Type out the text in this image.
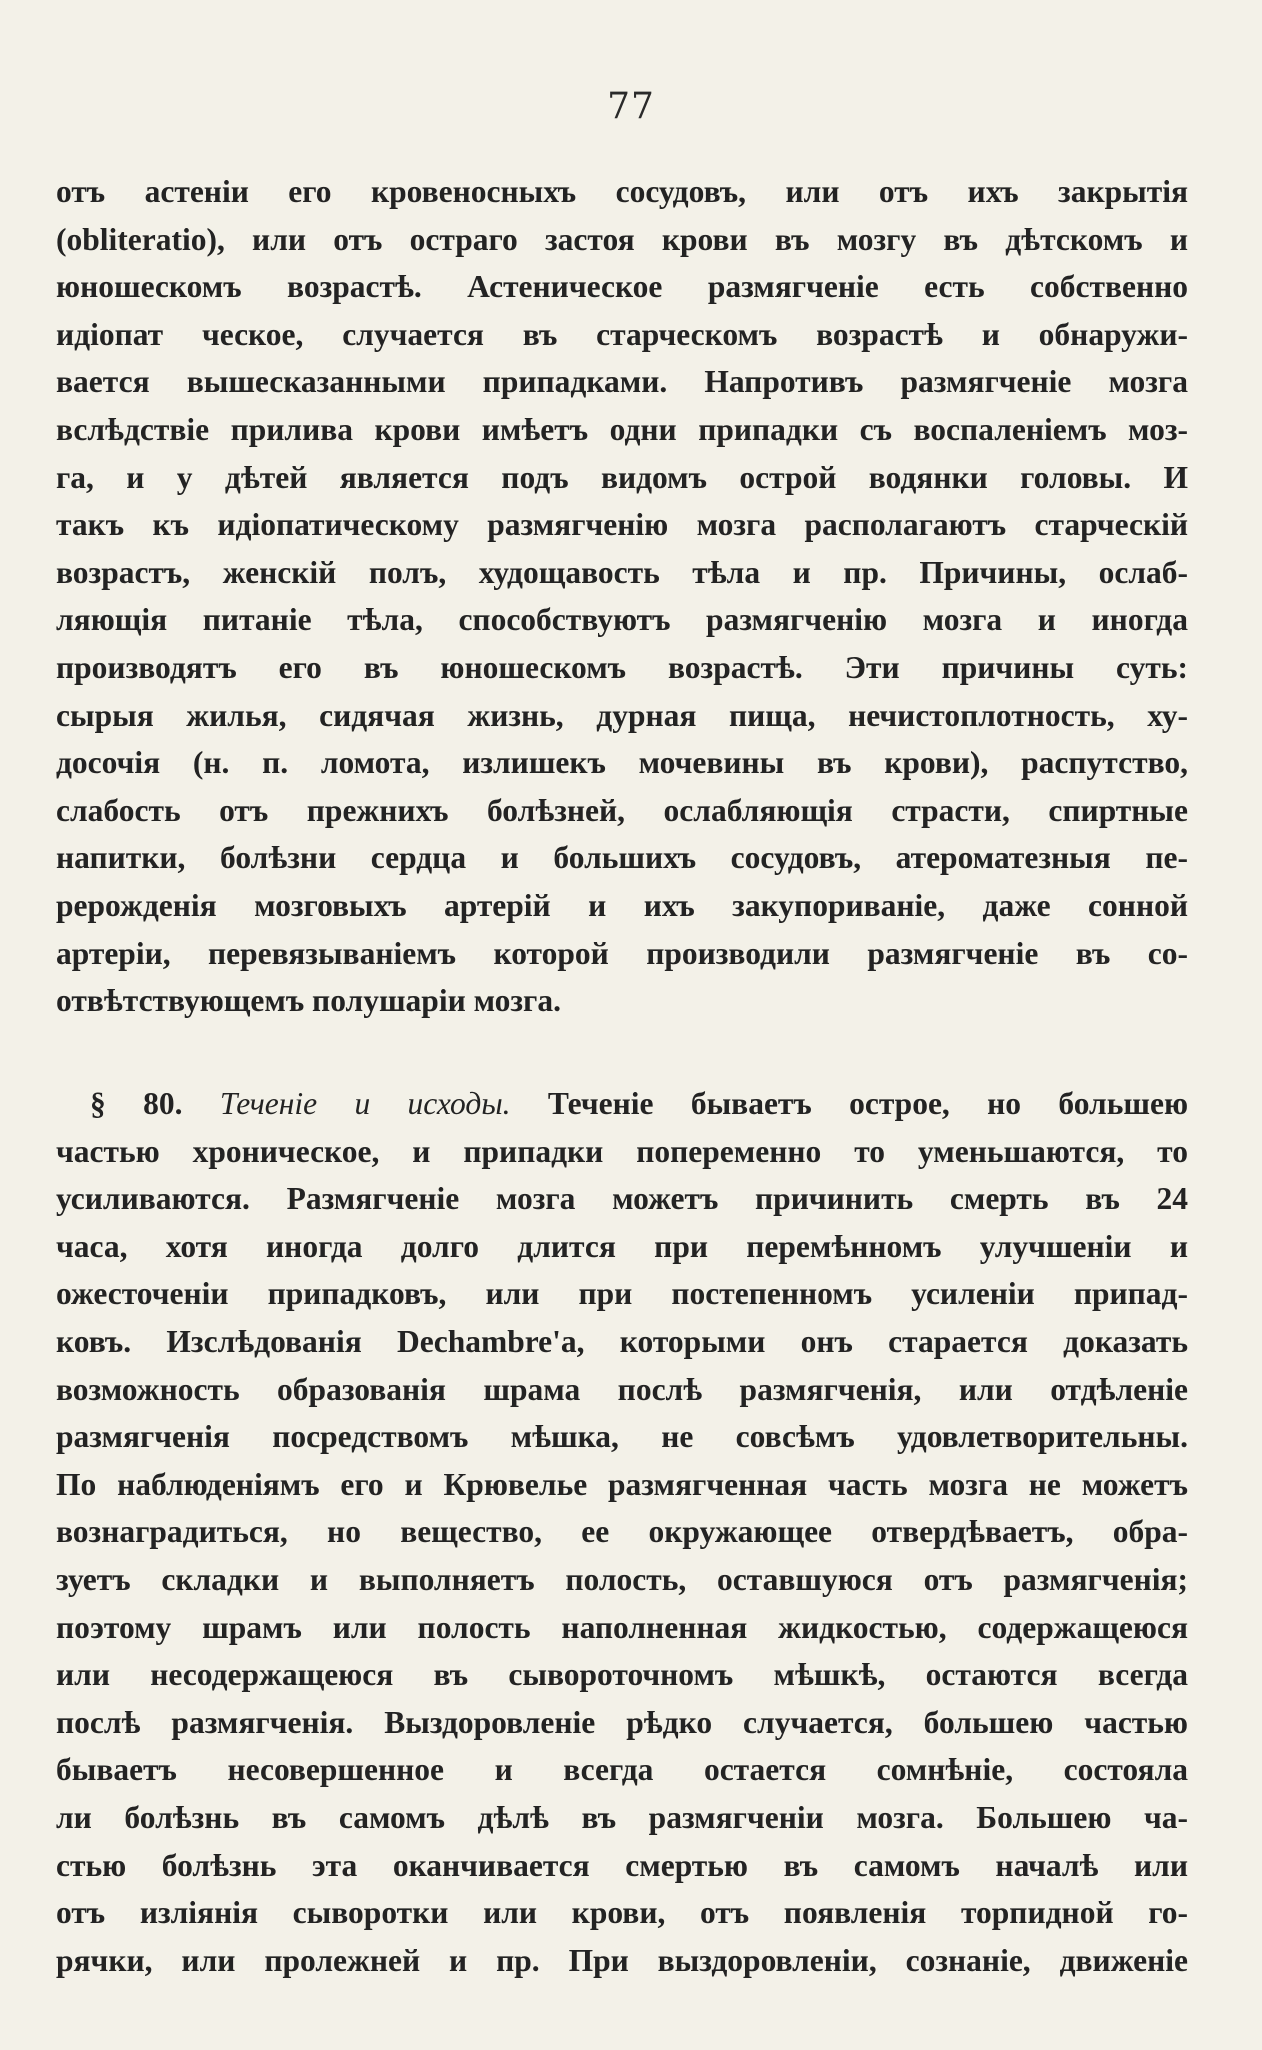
77
отъ астеніи его кровеносныхъ сосудовъ, или отъ ихъ закрытія
(obliteratio), или отъ остраго застоя крови въ мозгу въ дѣтскомъ и
юношескомъ возрастѣ. Астеническое размягченіе есть собственно
идіопат ческое, случается въ старческомъ возрастѣ и обнаружи-
вается вышесказанными припадками. Напротивъ размягченіе мозга
вслѣдствіе прилива крови имѣетъ одни припадки съ воспаленіемъ моз-
га, и у дѣтей является подъ видомъ острой водянки головы. И
такъ къ идіопатическому размягченію мозга располагаютъ старческій
возрастъ, женскій полъ, худощавость тѣла и пр. Причины, ослаб-
ляющія питаніе тѣла, способствуютъ размягченію мозга и иногда
производятъ его въ юношескомъ возрастѣ. Эти причины суть:
сырыя жилья, сидячая жизнь, дурная пища, нечистоплотность, ху-
досочія (н. п. ломота, излишекъ мочевины въ крови), распутство,
слабость отъ прежнихъ болѣзней, ослабляющія страсти, спиртные
напитки, болѣзни сердца и большихъ сосудовъ, атероматезныя пе-
рерожденія мозговыхъ артерій и ихъ закупориваніе, даже сонной
артеріи, перевязываніемъ которой производили размягченіе въ со-
отвѣтствующемъ полушаріи мозга.
§ 80. Теченіе и исходы. Теченіе бываетъ острое, но большею
частью хроническое, и припадки попеременно то уменьшаются, то
усиливаются. Размягченіе мозга можетъ причинить смерть въ 24
часа, хотя иногда долго длится при перемѣнномъ улучшеніи и
ожесточеніи припадковъ, или при постепенномъ усиленіи припад-
ковъ. Изслѣдованія Dechambre'а, которыми онъ старается доказать
возможность образованія шрама послѣ размягченія, или отдѣленіе
размягченія посредствомъ мѣшка, не совсѣмъ удовлетворительны.
По наблюденіямъ его и Крювелье размягченная часть мозга не можетъ
вознаградиться, но вещество, ее окружающее отвердѣваетъ, обра-
зуетъ складки и выполняетъ полость, оставшуюся отъ размягченія;
поэтому шрамъ или полость наполненная жидкостью, содержащеюся
или несодержащеюся въ сывороточномъ мѣшкѣ, остаются всегда
послѣ размягченія. Выздоровленіе рѣдко случается, большею частью
бываетъ несовершенное и всегда остается сомнѣніе, состояла
ли болѣзнь въ самомъ дѣлѣ въ размягченіи мозга. Большею ча-
стью болѣзнь эта оканчивается смертью въ самомъ началѣ или
отъ изліянія сыворотки или крови, отъ появленія торпидной го-
рячки, или пролежней и пр. При выздоровленіи, сознаніе, движеніе
